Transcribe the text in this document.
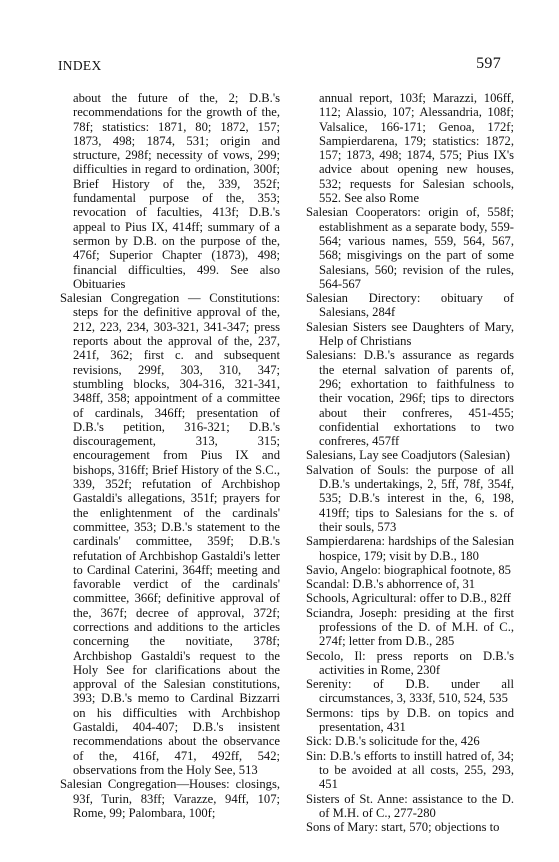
INDEX	597

about the future of the, 2; D.B.'s recommendations for the growth of the, 78f; statistics: 1871, 80; 1872, 157; 1873, 498; 1874, 531; origin and structure, 298f; necessity of vows, 299; difficulties in regard to ordination, 300f; Brief History of the, 339, 352f; fundamental purpose of the, 353; revocation of faculties, 413f; D.B.'s appeal to Pius IX, 414ff; summary of a sermon by D.B. on the purpose of the, 476f; Superior Chapter (1873), 498; financial difficulties, 499. See also Obituaries

Salesian Congregation — Constitutions: steps for the definitive approval of the, 212, 223, 234, 303-321, 341-347; press reports about the approval of the, 237, 241f, 362; first c. and subsequent revisions, 299f, 303, 310, 347; stumbling blocks, 304-316, 321-341, 348ff, 358; appointment of a committee of cardinals, 346ff; presentation of D.B.'s petition, 316-321; D.B.'s discouragement, 313, 315; encouragement from Pius IX and bishops, 316ff; Brief History of the S.C., 339, 352f; refutation of Archbishop Gastaldi's allegations, 351f; prayers for the enlightenment of the cardinals' committee, 353; D.B.'s statement to the cardinals' committee, 359f; D.B.'s refutation of Archbishop Gastaldi's letter to Cardinal Caterini, 364ff; meeting and favorable verdict of the cardinals' committee, 366f; definitive approval of the, 367f; decree of approval, 372f; corrections and additions to the articles concerning the novitiate, 378f; Archbishop Gastaldi's request to the Holy See for clarifications about the approval of the Salesian constitutions, 393; D.B.'s memo to Cardinal Bizzarri on his difficulties with Archbishop Gastaldi, 404-407; D.B.'s insistent recommendations about the observance of the, 416f, 471, 492ff, 542; observations from the Holy See, 513

Salesian Congregation—Houses: closings, 93f, Turin, 83ff; Varazze, 94ff, 107; Rome, 99; Palombara, 100f;

annual report, 103f; Marazzi, 106ff, 112; Alassio, 107; Alessandria, 108f; Valsalice, 166-171; Genoa, 172f; Sampierdarena, 179; statistics: 1872, 157; 1873, 498; 1874, 575; Pius IX's advice about opening new houses, 532; requests for Salesian schools, 552. See also Rome

Salesian Cooperators: origin of, 558f; establishment as a separate body, 559-564; various names, 559, 564, 567, 568; misgivings on the part of some Salesians, 560; revision of the rules, 564-567

Salesian Directory: obituary of Salesians, 284f

Salesian Sisters see Daughters of Mary, Help of Christians

Salesians: D.B.'s assurance as regards the eternal salvation of parents of, 296; exhortation to faithfulness to their vocation, 296f; tips to directors about their confreres, 451-455; confidential exhortations to two confreres, 457ff

Salesians, Lay see Coadjutors (Salesian)

Salvation of Souls: the purpose of all D.B.'s undertakings, 2, 5ff, 78f, 354f, 535; D.B.'s interest in the, 6, 198, 419ff; tips to Salesians for the s. of their souls, 573

Sampierdarena: hardships of the Salesian hospice, 179; visit by D.B., 180

Savio, Angelo: biographical footnote, 85

Scandal: D.B.'s abhorrence of, 31

Schools, Agricultural: offer to D.B., 82ff

Sciandra, Joseph: presiding at the first professions of the D. of M.H. of C., 274f; letter from D.B., 285

Secolo, Il: press reports on D.B.'s activities in Rome, 230f

Serenity: of D.B. under all circumstances, 3, 333f, 510, 524, 535

Sermons: tips by D.B. on topics and presentation, 431

Sick: D.B.'s solicitude for the, 426

Sin: D.B.'s efforts to instill hatred of, 34; to be avoided at all costs, 255, 293, 451

Sisters of St. Anne: assistance to the D. of M.H. of C., 277-280

Sons of Mary: start, 570; objections to
